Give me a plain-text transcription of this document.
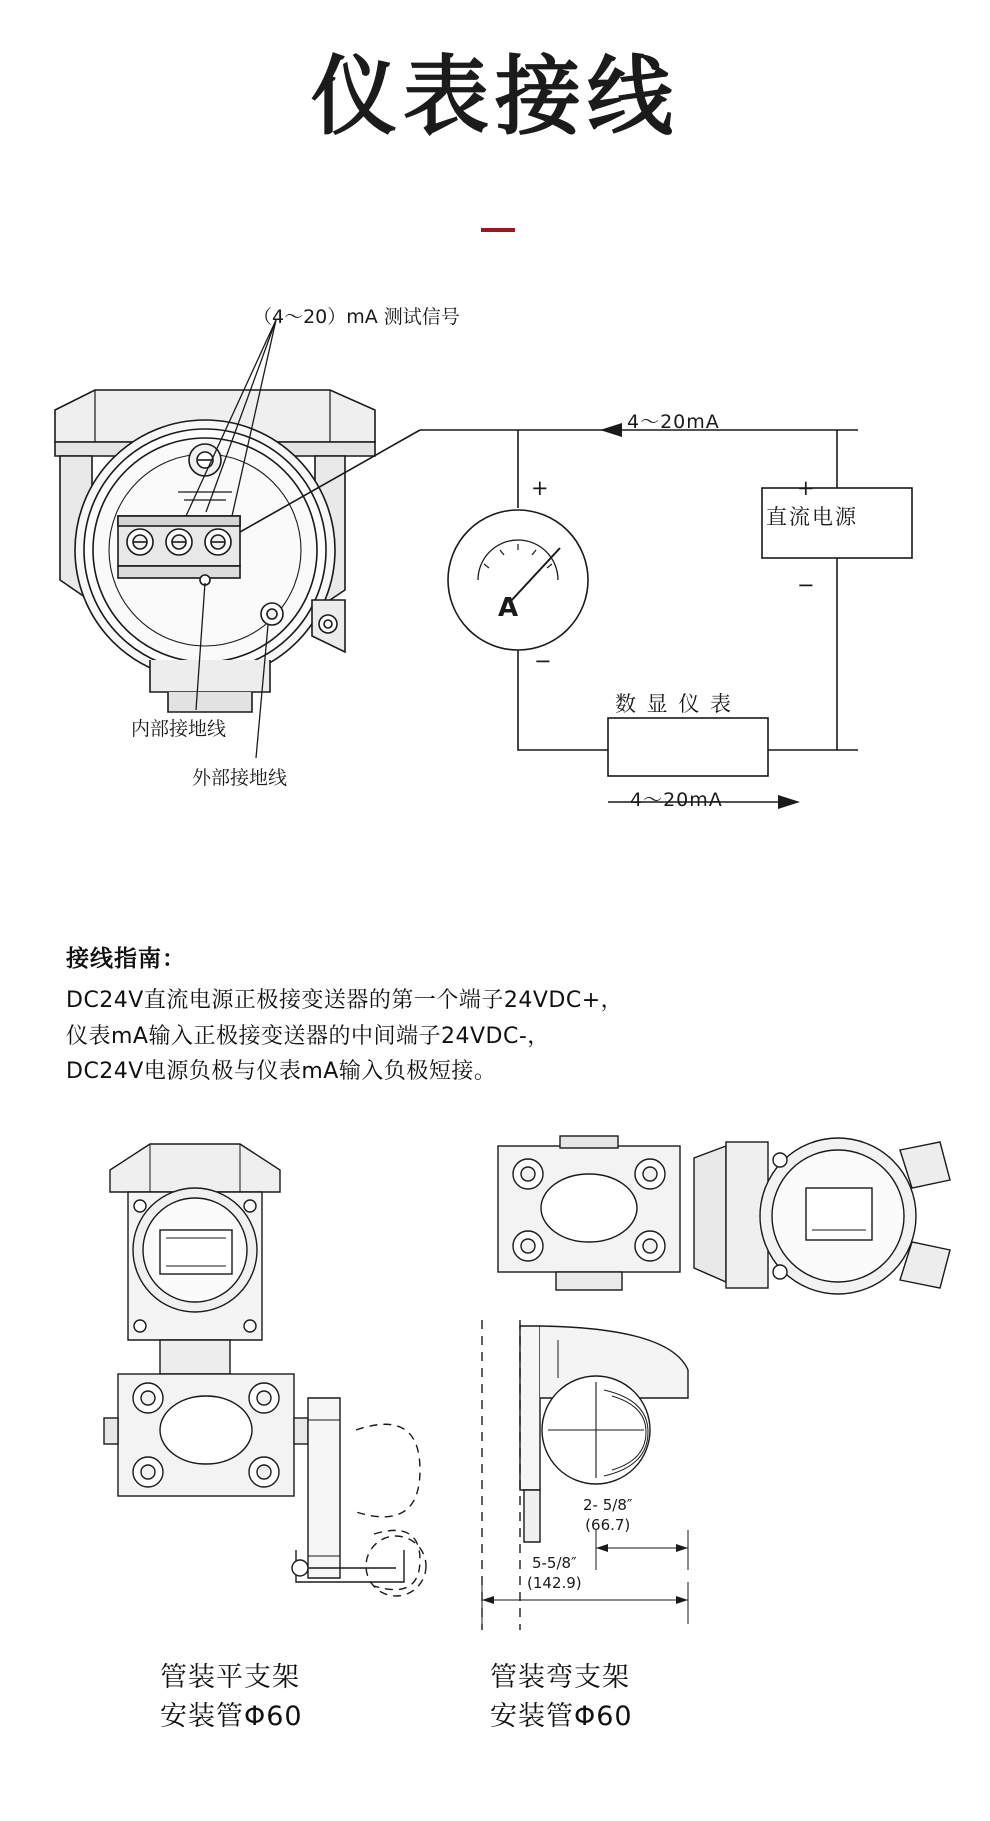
仪表接线
（4～20）mA 测试信号
4～20mA
4～20mA
直流电源
数 显 仪 表
A
内部接地线
外部接地线
+
−
+
−
接线指南：
DC24V直流电源正极接变送器的第一个端子24VDC+，
仪表mA输入正极接变送器的中间端子24VDC-，
DC24V电源负极与仪表mA输入负极短接。
2- 5/8″
(66.7)
5-5/8″
(142.9)
管装平支架
安装管Φ60
管装弯支架
安装管Φ60
